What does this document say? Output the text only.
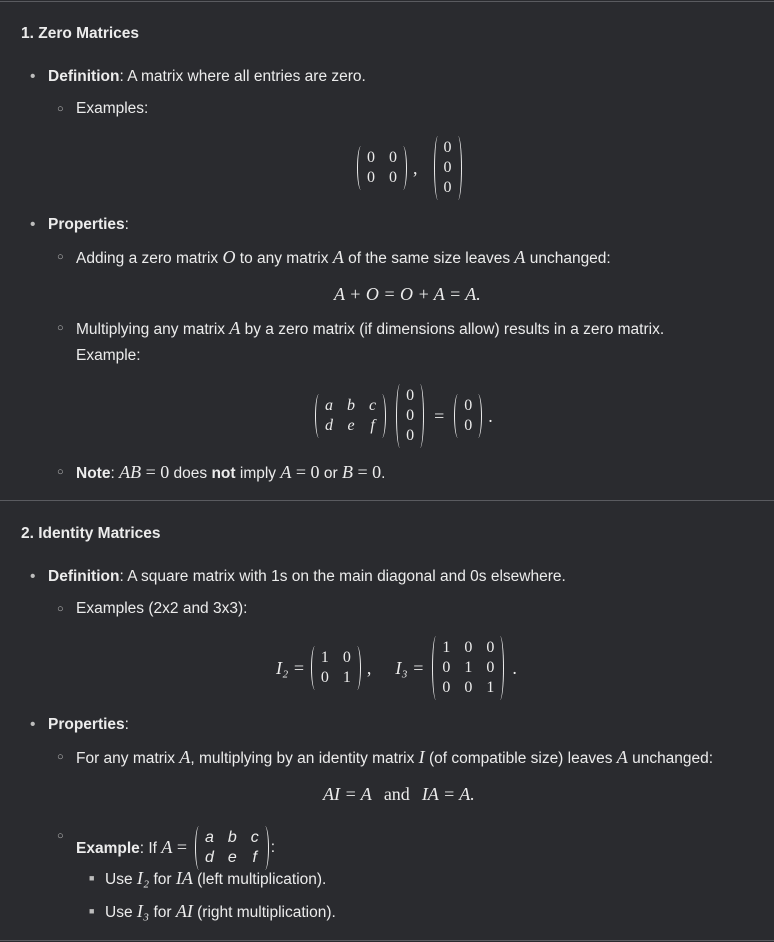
1. Zero Matrices
• Definition: A matrix where all entries are zero.
○ Examples:
0 0
0 0 ,
0
0
0
• Properties:
○ Adding a zero matrix O to any matrix A of the same size leaves A unchanged:
A + O = O + A = A.
○ Multiplying any matrix A by a zero matrix (if dimensions allow) results in a zero matrix.
Example:
a b c
d e f
0
0
0
= 0
0 .
○ Note: AB = 0 does not imply A = 0 or B = 0.
2. Identity Matrices
• Definition: A square matrix with 1s on the main diagonal and 0s elsewhere.
○ Examples (2x2 and 3x3):
I₂ = 1 0
0 1 , I₃ =
1 0 0
0 1 0
0 0 1
.
• Properties:
○ For any matrix A, multiplying by an identity matrix I (of compatible size) leaves A unchanged:
AI = A and IA = A.
○
Example: If A = a b c
d e f
:
■ Use I₂ for IA (left multiplication).
■ Use I₃ for AI (right multiplication).
